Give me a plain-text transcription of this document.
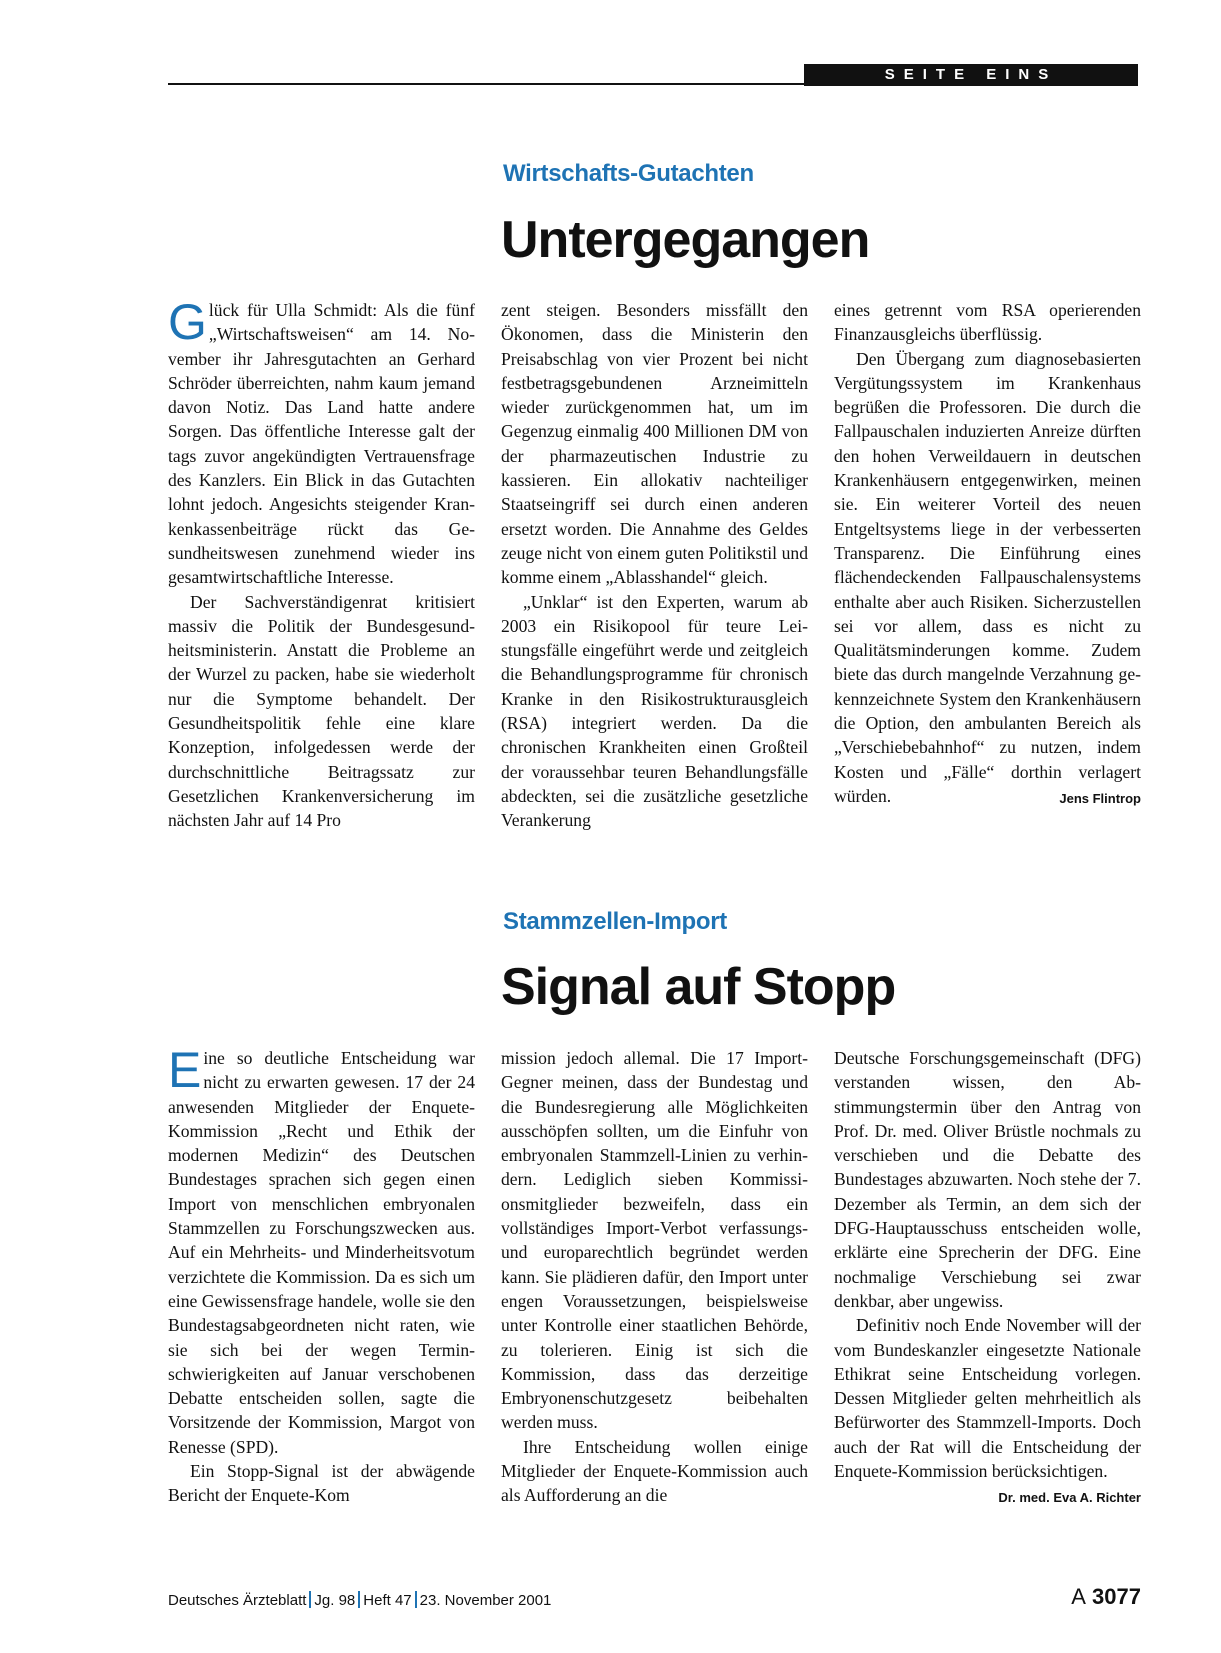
SEITE EINS
Wirtschafts-Gutachten
Untergegangen

Glück für Ulla Schmidt: Als die fünf „Wirtschaftsweisen“ am 14. November ihr Jahresgutachten an Gerhard Schröder überreichten, nahm kaum jemand davon Notiz. Das Land hatte andere Sorgen. Das öffentliche Interesse galt der tags zuvor angekündigten Vertrauensfrage des Kanzlers. Ein Blick in das Gutachten lohnt jedoch. Angesichts steigender Krankenkassenbeiträge rückt das Gesundheitswesen zunehmend wieder ins gesamtwirtschaftliche Interesse.

Der Sachverständigenrat kritisiert massiv die Politik der Bundesgesundheitsministerin. Anstatt die Probleme an der Wurzel zu packen, habe sie wiederholt nur die Symptome behandelt. Der Gesundheitspolitik fehle eine klare Konzeption, infolgedessen werde der durchschnittliche Beitragssatz zur Gesetzlichen Krankenversicherung im nächsten Jahr auf 14 Pro

zent steigen. Besonders missfällt den Ökonomen, dass die Ministerin den Preisabschlag von vier Prozent bei nicht festbetragsgebundenen Arzneimitteln wieder zurückgenommen hat, um im Gegenzug einmalig 400 Millionen DM von der pharmazeutischen Industrie zu kassieren. Ein allokativ nachteiliger Staatseingriff sei durch einen anderen ersetzt worden. Die Annahme des Geldes zeuge nicht von einem guten Politikstil und komme einem „Ablasshandel“ gleich.

„Unklar“ ist den Experten, warum ab 2003 ein Risikopool für teure Leistungsfälle eingeführt werde und zeitgleich die Behandlungsprogramme für chronisch Kranke in den Risikostrukturausgleich (RSA) integriert werden. Da die chronischen Krankheiten einen Großteil der voraussehbar teuren Behandlungsfälle abdeckten, sei die zusätzliche gesetzliche Verankerung

eines getrennt vom RSA operierenden Finanzausgleichs überflüssig.

Den Übergang zum diagnosebasierten Vergütungssystem im Krankenhaus begrüßen die Professoren. Die durch die Fallpauschalen induzierten Anreize dürften den hohen Verweildauern in deutschen Krankenhäusern entgegenwirken, meinen sie. Ein weiterer Vorteil des neuen Entgeltsystems liege in der verbesserten Transparenz. Die Einführung eines flächendeckenden Fallpauschalensystems enthalte aber auch Risiken. Sicherzustellen sei vor allem, dass es nicht zu Qualitätsminderungen komme. Zudem biete das durch mangelnde Verzahnung gekennzeichnete System den Krankenhäusern die Option, den ambulanten Bereich als „Verschiebebahnhof“ zu nutzen, indem Kosten und „Fälle“ dorthin verlagert würden.	Jens Flintrop

Stammzellen-Import
Signal auf Stopp

Eine so deutliche Entscheidung war nicht zu erwarten gewesen. 17 der 24 anwesenden Mitglieder der Enquete-Kommission „Recht und Ethik der modernen Medizin“ des Deutschen Bundestages sprachen sich gegen einen Import von menschlichen embryonalen Stammzellen zu Forschungszwecken aus. Auf ein Mehrheits- und Minderheitsvotum verzichtete die Kommission. Da es sich um eine Gewissensfrage handele, wolle sie den Bundestagsabgeordneten nicht raten, wie sie sich bei der wegen Terminschwierigkeiten auf Januar verschobenen Debatte entscheiden sollen, sagte die Vorsitzende der Kommission, Margot von Renesse (SPD).

Ein Stopp-Signal ist der abwägende Bericht der Enquete-Kom

mission jedoch allemal. Die 17 Import-Gegner meinen, dass der Bundestag und die Bundesregierung alle Möglichkeiten ausschöpfen sollten, um die Einfuhr von embryonalen Stammzell-Linien zu verhindern. Lediglich sieben Kommissionsmitglieder bezweifeln, dass ein vollständiges Import-Verbot verfassungs- und europarechtlich begründet werden kann. Sie plädieren dafür, den Import unter engen Voraussetzungen, beispielsweise unter Kontrolle einer staatlichen Behörde, zu tolerieren. Einig ist sich die Kommission, dass das derzeitige Embryonenschutzgesetz beibehalten werden muss.

Ihre Entscheidung wollen einige Mitglieder der Enquete-Kommission auch als Aufforderung an die

Deutsche Forschungsgemeinschaft (DFG) verstanden wissen, den Abstimmungstermin über den Antrag von Prof. Dr. med. Oliver Brüstle nochmals zu verschieben und die Debatte des Bundestages abzuwarten. Noch stehe der 7. Dezember als Termin, an dem sich der DFG-Hauptausschuss entscheiden wolle, erklärte eine Sprecherin der DFG. Eine nochmalige Verschiebung sei zwar denkbar, aber ungewiss.

Definitiv noch Ende November will der vom Bundeskanzler eingesetzte Nationale Ethikrat seine Entscheidung vorlegen. Dessen Mitglieder gelten mehrheitlich als Befürworter des Stammzell-Imports. Doch auch der Rat will die Entscheidung der Enquete-Kommission berücksichtigen.
Dr. med. Eva A. Richter

Deutsches Ärzteblatt Jg. 98 Heft 47 23. November 2001	A 3077
